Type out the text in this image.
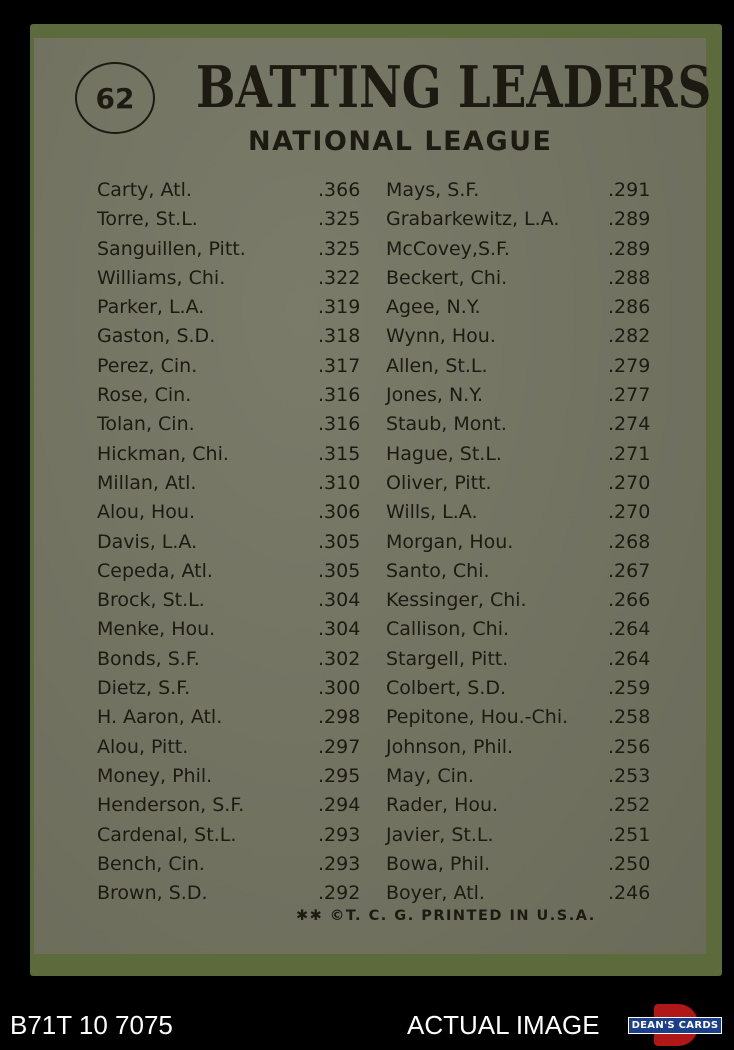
62 BATTING LEADERS
NATIONAL LEAGUE
Carty, Atl.	.366
Torre, St.L.	.325
Sanguillen, Pitt.	.325
Williams, Chi.	.322
Parker, L.A.	.319
Gaston, S.D.	.318
Perez, Cin.	.317
Rose, Cin.	.316
Tolan, Cin.	.316
Hickman, Chi.	.315
Millan, Atl.	.310
Alou, Hou.	.306
Davis, L.A.	.305
Cepeda, Atl.	.305
Brock, St.L.	.304
Menke, Hou.	.304
Bonds, S.F.	.302
Dietz, S.F.	.300
H. Aaron, Atl.	.298
Alou, Pitt.	.297
Money, Phil.	.295
Henderson, S.F.	.294
Cardenal, St.L.	.293
Bench, Cin.	.293
Brown, S.D.	.292
Mays, S.F.	.291
Grabarkewitz, L.A.	.289
McCovey,S.F.	.289
Beckert, Chi.	.288
Agee, N.Y.	.286
Wynn, Hou.	.282
Allen, St.L.	.279
Jones, N.Y.	.277
Staub, Mont.	.274
Hague, St.L.	.271
Oliver, Pitt.	.270
Wills, L.A.	.270
Morgan, Hou.	.268
Santo, Chi.	.267
Kessinger, Chi.	.266
Callison, Chi.	.264
Stargell, Pitt.	.264
Colbert, S.D.	.259
Pepitone, Hou.-Chi. .258
Johnson, Phil.	.256
May, Cin.	.253
Rader, Hou.	.252
Javier, St.L.	.251
Bowa, Phil.	.250
Boyer, Atl.	.246
✱✱ ©T. C. G. PRINTED IN U.S.A.
B71T 10 7075	ACTUAL IMAGE	DEAN'S CARDS
